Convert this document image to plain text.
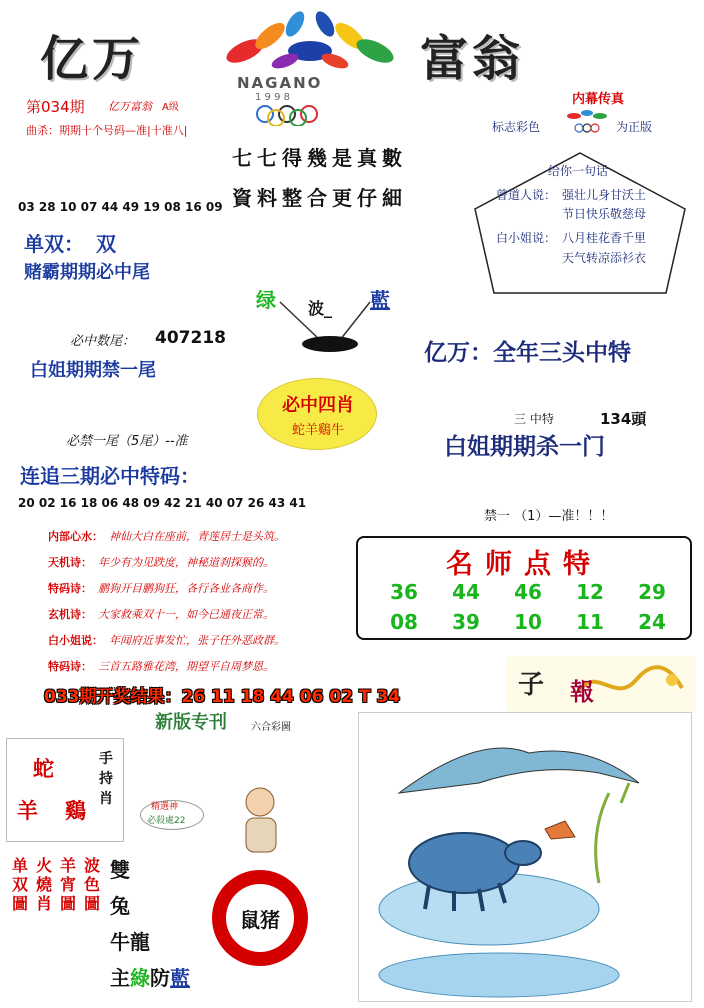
亿万	富翁
NAGANO
1 9 9 8
第034期 亿万富翁 A级
曲杀：期期十个号码—准|十准八|
七七得幾是真數
資料整合更仔細
内幕传真
标志彩色	为正版
给你一句话
曾道人说： 强壮儿身甘沃土
节日快乐敬慈母
白小姐说： 八月桂花香千里
天气转凉添衫衣
03 28 10 07 44 49 19 08 16 09
单双： 双
赌霸期期必中尾
绿 波_ 藍
必中数尾： 407218
白姐期期禁一尾
亿万：全年三头中特
必中四肖
蛇羊鷄牛
三 中特	134頭
白姐期期杀一门
必禁一尾（5尾）--准
连追三期必中特码：
20 02 16 18 06 48 09 42 21 40 07 26 43 41
禁一 （1）—准！！！
内部心水： 神仙大白在座前，青莲居士是头筑。
天机诗： 年少有为见跌度，神秘道刹探猴的。
特码诗： 鹏狗开目鹏狗狂，各行各业各商作。
玄机诗： 大家救乘双十一，如今已通夜正常。
白小姐说： 年闻府近事发忙，张子任外恶政群。
特码诗： 三首五路雅花湾，期望平自周梦恩。
名师点特
36	44	46	12	29
08	39	10	11	24
033期开奖结果：26 11 18 44 06 02 T 34
新版专刊 六合彩圖
子 報
蛇
羊 鷄
手持肖	精選神
必殺處22
单双圖
火燒肖
羊宵圖
波色圖
雙
兔
牛龍
主綠防藍
鼠猪
